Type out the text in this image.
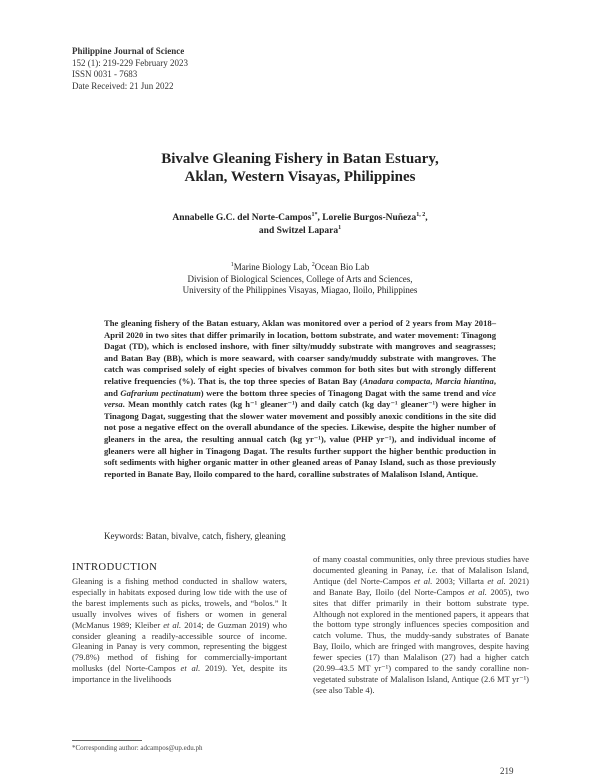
Philippine Journal of Science
152 (1): 219-229 February 2023
ISSN 0031 - 7683
Date Received: 21 Jun 2022
Bivalve Gleaning Fishery in Batan Estuary,
Aklan, Western Visayas, Philippines
Annabelle G.C. del Norte-Campos$^{1*}$, Lorelie Burgos-Nuñeza$^{1, 2}$,
and Switzel Lapara$^1$
$^1$Marine Biology Lab, $^2$Ocean Bio Lab
Division of Biological Sciences, College of Arts and Sciences,
University of the Philippines Visayas, Miagao, Iloilo, Philippines
The gleaning fishery of the Batan estuary, Aklan was monitored over a period of 2 years from May 2018–April 2020 in two sites that differ primarily in location, bottom substrate, and water movement: Tinagong Dagat (TD), which is enclosed inshore, with finer silty/muddy substrate with mangroves and seagrasses; and Batan Bay (BB), which is more seaward, with coarser sandy/muddy substrate with mangroves. The catch was comprised solely of eight species of bivalves common for both sites but with strongly different relative frequencies (%). That is, the top three species of Batan Bay (Anadara compacta, Marcia hiantina, and Gafrarium pectinatum) were the bottom three species of Tinagong Dagat with the same trend and vice versa. Mean monthly catch rates (kg h⁻¹ gleaner⁻¹) and daily catch (kg day⁻¹ gleaner⁻¹) were higher in Tinagong Dagat, suggesting that the slower water movement and possibly anoxic conditions in the site did not pose a negative effect on the overall abundance of the species. Likewise, despite the higher number of gleaners in the area, the resulting annual catch (kg yr⁻¹), value (PHP yr⁻¹), and individual income of gleaners were all higher in Tinagong Dagat. The results further support the higher benthic production in soft sediments with higher organic matter in other gleaned areas of Panay Island, such as those previously reported in Banate Bay, Iloilo compared to the hard, coralline substrates of Malalison Island, Antique.
Keywords: Batan, bivalve, catch, fishery, gleaning
INTRODUCTION
Gleaning is a fishing method conducted in shallow waters, especially in habitats exposed during low tide with the use of the barest implements such as picks, trowels, and “bolos.” It usually involves wives of fishers or women in general (McManus 1989; Kleiber et al. 2014; de Guzman 2019) who consider gleaning a readily-accessible source of income. Gleaning in Panay is very common, representing the biggest (79.8%) method of fishing for commercially-important mollusks (del Norte-Campos et al. 2019). Yet, despite its importance in the livelihoods
of many coastal communities, only three previous studies have documented gleaning in Panay, i.e. that of Malalison Island, Antique (del Norte-Campos et al. 2003; Villarta et al. 2021) and Banate Bay, Iloilo (del Norte-Campos et al. 2005), two sites that differ primarily in their bottom substrate type. Although not explored in the mentioned papers, it appears that the bottom type strongly influences species composition and catch volume. Thus, the muddy-sandy substrates of Banate Bay, Iloilo, which are fringed with mangroves, despite having fewer species (17) than Malalison (27) had a higher catch (20.99–43.5 MT yr⁻¹) compared to the sandy coralline non-vegetated substrate of Malalison Island, Antique (2.6 MT yr⁻¹) (see also Table 4).
*Corresponding author: adcampos@up.edu.ph
219
